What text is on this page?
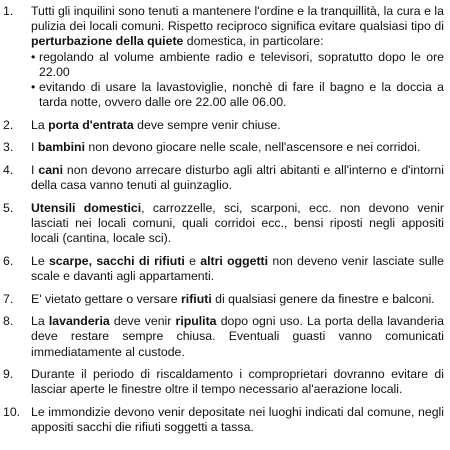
1. Tutti gli inquilini sono tenuti a mantenere l'ordine e la tranquillità, la cura e la pulizia dei locali comuni. Rispetto reciproco significa evitare qualsiasi tipo di perturbazione della quiete domestica, in particolare:
• regolando al volume ambiente radio e televisori, sopratutto dopo le ore 22.00
• evitando di usare la lavastoviglie, nonchè di fare il bagno e la doccia a tarda notte, ovvero dalle ore 22.00 alle 06.00.
2. La porta d'entrata deve sempre venir chiuse.
3. I bambini non devono giocare nelle scale, nell'ascensore e nei corridoi.
4. I cani non devono arrecare disturbo agli altri abitanti e all'interno e d'intorni della casa vanno tenuti al guinzaglio.
5. Utensili domestici, carrozzelle, sci, scarponi, ecc. non devono venir lasciati nei locali comuni, quali corridoi ecc., bensi riposti negli appositi locali (cantina, locale sci).
6. Le scarpe, sacchi di rifiuti e altri oggetti non deveno venir lasciate sulle scale e davanti agli appartamenti.
7. E' vietato gettare o versare rifiuti di qualsiasi genere da finestre e balconi.
8. La lavanderia deve venir ripulita dopo ogni uso. La porta della lavanderia deve restare sempre chiusa. Eventuali guasti vanno comunicati immediatamente al custode.
9. Durante il periodo di riscaldamento i comproprietari dovranno evitare di lasciar aperte le finestre oltre il tempo necessario al'aerazione locali.
10. Le immondizie devono venir depositate nei luoghi indicati dal comune, negli appositi sacchi die rifiuti soggetti a tassa.
